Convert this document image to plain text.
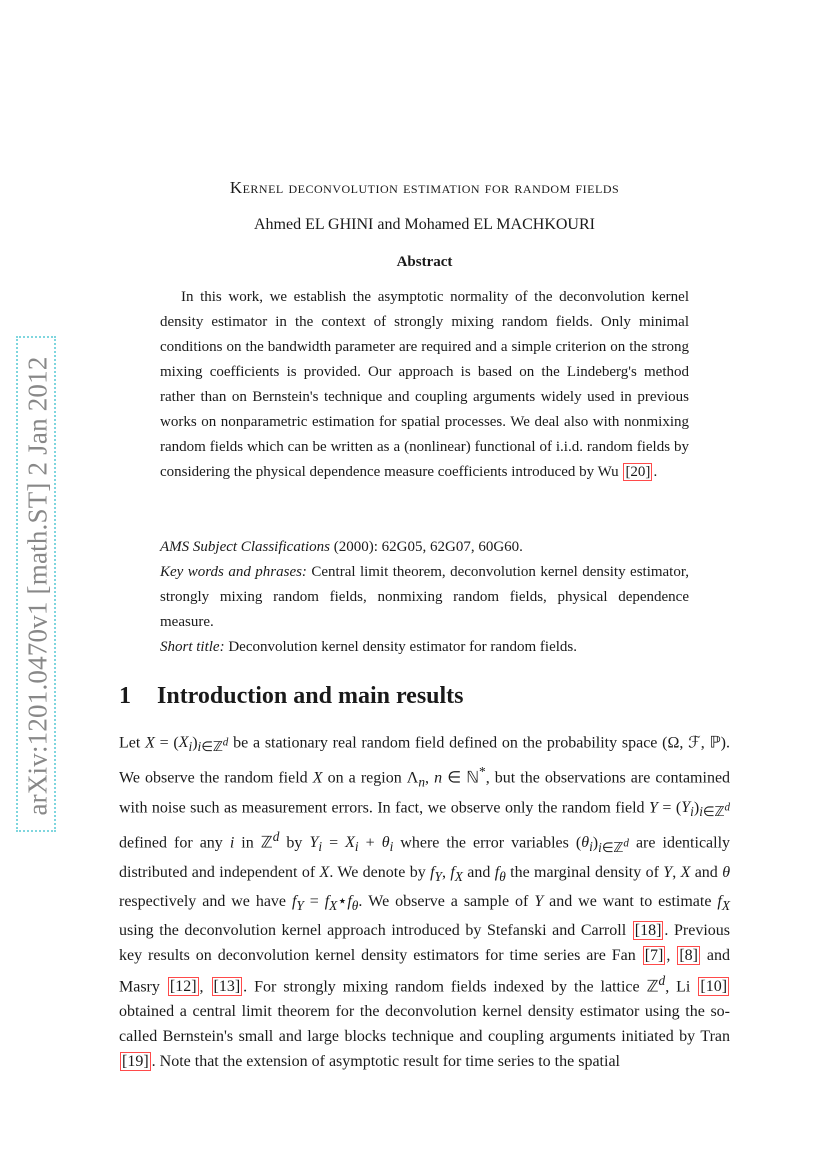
arXiv:1201.0470v1 [math.ST] 2 Jan 2012
Kernel deconvolution estimation for random fields
Ahmed EL GHINI and Mohamed EL MACHKOURI
Abstract

In this work, we establish the asymptotic normality of the deconvolution kernel density estimator in the context of strongly mixing random fields. Only minimal conditions on the bandwidth parameter are required and a simple criterion on the strong mixing coefficients is provided. Our approach is based on the Lindeberg's method rather than on Bernstein's technique and coupling arguments widely used in previous works on nonparametric estimation for spatial processes. We deal also with nonmixing random fields which can be written as a (nonlinear) functional of i.i.d. random fields by considering the physical dependence measure coefficients introduced by Wu [20] .

AMS Subject Classifications (2000): 62G05, 62G07, 60G60.

Key words and phrases: Central limit theorem, deconvolution kernel density estimator, strongly mixing random fields, nonmixing random fields, physical dependence measure.

Short title: Deconvolution kernel density estimator for random fields.

1 Introduction and main results

Let $X = (X_i)_{i\in ℤ^d}$ be a stationary real random field defined on the probability space (Ω, ℱ, ℙ). We observe the random field X on a region $\Lambda_n$, n ∈ ℕ*, but the observations are contamined with noise such as measurement errors. In fact, we observe only the random field $Y = (Y_i)_{i\in ℤ^d}$ defined for any i in ℤ$^d$ by $Y_i = X_i + \theta_i$ where the error variables $(\theta_i)_{i\in ℤ^d}$ are identically distributed and independent of X. We denote by $f_Y$, $f_X$ and $f_\theta$ the marginal density of Y, X and θ respectively and we have $f_Y$ = $f_X⋆f_\theta$. We observe a sample of Y and we want to estimate $f_X$ using the deconvolution kernel approach introduced by Stefanski and Carroll [18] . Previous key results on deconvolution kernel density estimators for time series are Fan [7] , [8] and Masry [12] , [13] . For strongly mixing random fields indexed by the lattice ℤ$^d$, Li [10] obtained a central limit theorem for the deconvolution kernel density estimator using the so-called Bernstein's small and large blocks technique and coupling arguments initiated by Tran [19] . Note that the extension of asymptotic result for time series to the spatial
